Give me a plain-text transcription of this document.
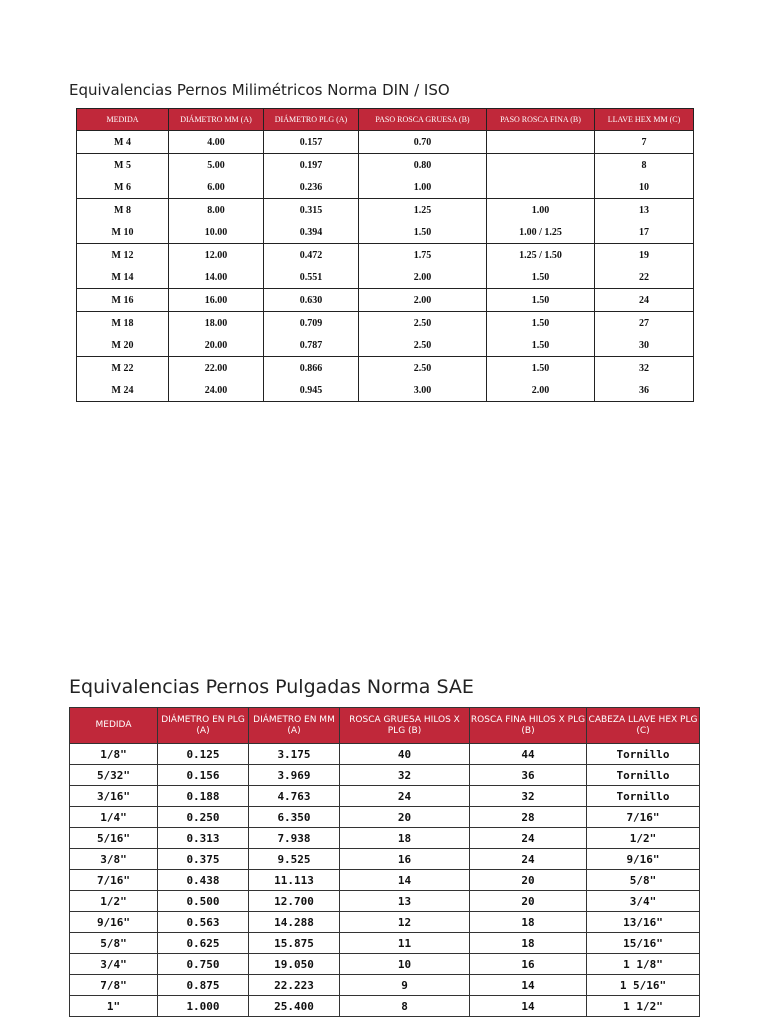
Equivalencias Pernos Milimétricos Norma DIN / ISO
MEDIDA	DIÁMETRO MM (A)	DIÁMETRO PLG (A)	PASO ROSCA GRUESA (B)	PASO ROSCA FINA (B)	LLAVE HEX MM (C)
M 4	4.00	0.157	0.70		7
M 5	5.00	0.197	0.80		8
M 6	6.00	0.236	1.00		10
M 8	8.00	0.315	1.25	1.00	13
M 10	10.00	0.394	1.50	1.00 / 1.25	17
M 12	12.00	0.472	1.75	1.25 / 1.50	19
M 14	14.00	0.551	2.00	1.50	22
M 16	16.00	0.630	2.00	1.50	24
M 18	18.00	0.709	2.50	1.50	27
M 20	20.00	0.787	2.50	1.50	30
M 22	22.00	0.866	2.50	1.50	32
M 24	24.00	0.945	3.00	2.00	36
Equivalencias Pernos Pulgadas Norma SAE
MEDIDA	DIÁMETRO EN PLG (A)	DIÁMETRO EN MM (A)	ROSCA GRUESA HILOS X PLG (B)	ROSCA FINA HILOS X PLG (B)	CABEZA LLAVE HEX PLG (C)
1/8"	0.125	3.175	40	44	Tornillo
5/32"	0.156	3.969	32	36	Tornillo
3/16"	0.188	4.763	24	32	Tornillo
1/4"	0.250	6.350	20	28	7/16"
5/16"	0.313	7.938	18	24	1/2"
3/8"	0.375	9.525	16	24	9/16"
7/16"	0.438	11.113	14	20	5/8"
1/2"	0.500	12.700	13	20	3/4"
9/16"	0.563	14.288	12	18	13/16"
5/8"	0.625	15.875	11	18	15/16"
3/4"	0.750	19.050	10	16	1 1/8"
7/8"	0.875	22.223	9	14	1 5/16"
1"	1.000	25.400	8	14	1 1/2"
